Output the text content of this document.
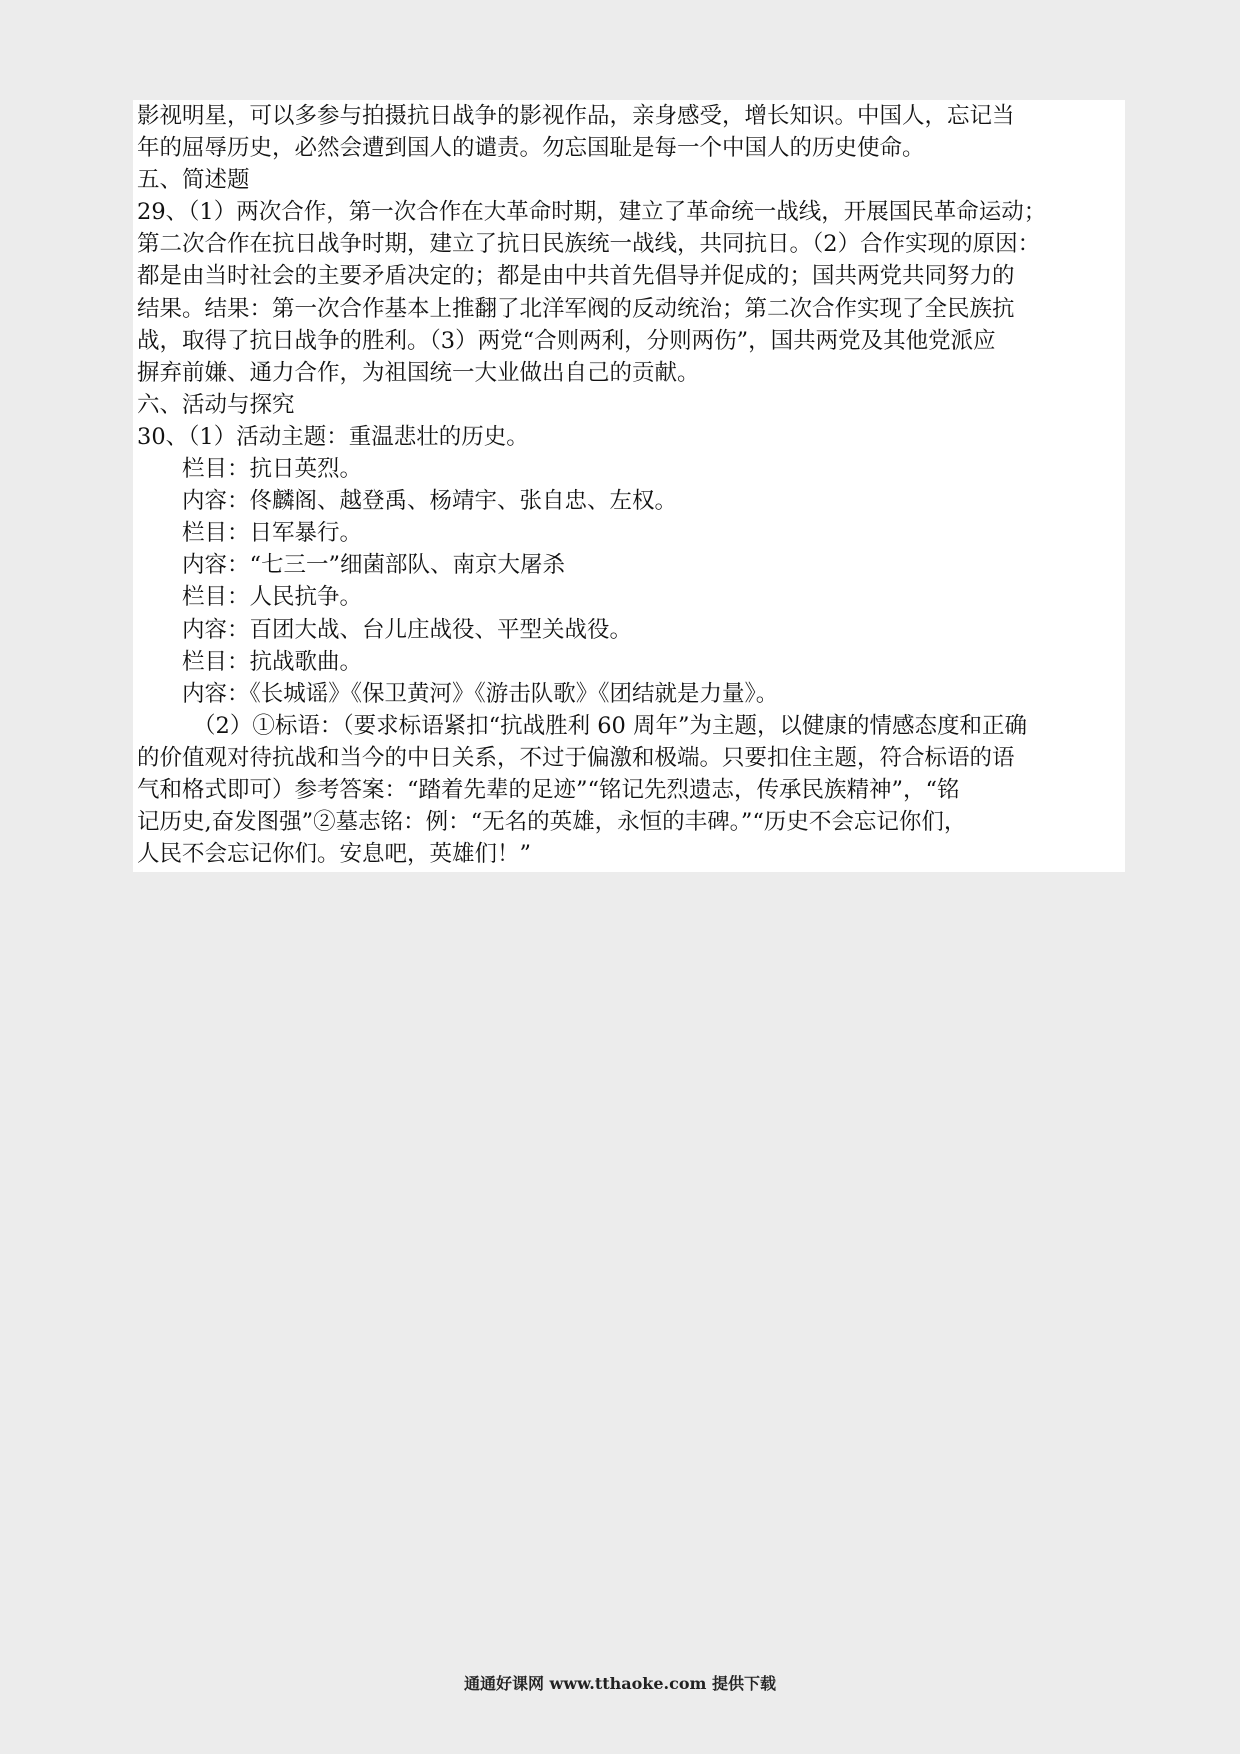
影视明星，可以多参与拍摄抗日战争的影视作品，亲身感受，增长知识。中国人，忘记当
年的屈辱历史，必然会遭到国人的谴责。勿忘国耻是每一个中国人的历史使命。
五、简述题
29、（1）两次合作，第一次合作在大革命时期，建立了革命统一战线，开展国民革命运动；
第二次合作在抗日战争时期，建立了抗日民族统一战线，共同抗日。（2）合作实现的原因：
都是由当时社会的主要矛盾决定的；都是由中共首先倡导并促成的；国共两党共同努力的
结果。结果：第一次合作基本上推翻了北洋军阀的反动统治；第二次合作实现了全民族抗
战，取得了抗日战争的胜利。（3）两党“合则两利，分则两伤”，国共两党及其他党派应
摒弃前嫌、通力合作，为祖国统一大业做出自己的贡献。
六、活动与探究
30、（1）活动主题：重温悲壮的历史。
栏目：抗日英烈。
内容：佟麟阁、越登禹、杨靖宇、张自忠、左权。
栏目：日军暴行。
内容：“七三一”细菌部队、南京大屠杀
栏目：人民抗争。
内容：百团大战、台儿庄战役、平型关战役。
栏目：抗战歌曲。
内容：《长城谣》《保卫黄河》《游击队歌》《团结就是力量》。
（2）①标语：（要求标语紧扣“抗战胜利 60 周年”为主题，以健康的情感态度和正确
的价值观对待抗战和当今的中日关系，不过于偏激和极端。只要扣住主题，符合标语的语
气和格式即可）参考答案：“踏着先辈的足迹”“铭记先烈遗志，传承民族精神”，“铭
记历史,奋发图强”②墓志铭：例：“无名的英雄，永恒的丰碑。”“历史不会忘记你们，
人民不会忘记你们。安息吧，英雄们！”
通通好课网 www.tthaoke.com 提供下载
